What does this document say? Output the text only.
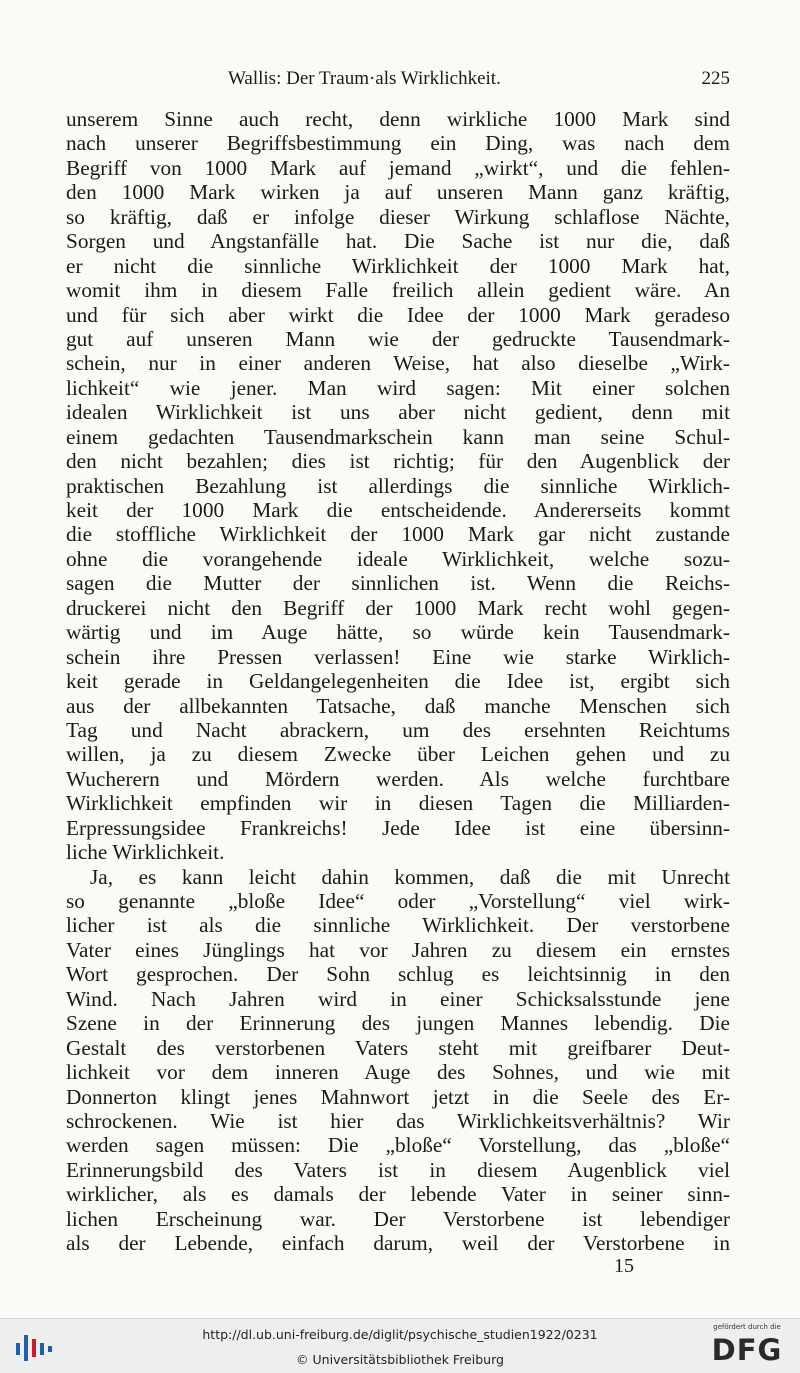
Wallis: Der Traum·als Wirklichkeit.	225
unserem Sinne auch recht, denn wirkliche 1000 Mark sind
nach unserer Begriffsbestimmung ein Ding, was nach dem
Begriff von 1000 Mark auf jemand „wirkt“, und die fehlen-
den 1000 Mark wirken ja auf unseren Mann ganz kräftig,
so kräftig, daß er infolge dieser Wirkung schlaflose Nächte,
Sorgen und Angstanfälle hat. Die Sache ist nur die, daß
er nicht die sinnliche Wirklichkeit der 1000 Mark hat,
womit ihm in diesem Falle freilich allein gedient wäre. An
und für sich aber wirkt die Idee der 1000 Mark geradeso
gut auf unseren Mann wie der gedruckte Tausendmark-
schein, nur in einer anderen Weise, hat also dieselbe „Wirk-
lichkeit“ wie jener. Man wird sagen: Mit einer solchen
idealen Wirklichkeit ist uns aber nicht gedient, denn mit
einem gedachten Tausendmarkschein kann man seine Schul-
den nicht bezahlen; dies ist richtig; für den Augenblick der
praktischen Bezahlung ist allerdings die sinnliche Wirklich-
keit der 1000 Mark die entscheidende. Andererseits kommt
die stoffliche Wirklichkeit der 1000 Mark gar nicht zustande
ohne die vorangehende ideale Wirklichkeit, welche sozu-
sagen die Mutter der sinnlichen ist. Wenn die Reichs-
druckerei nicht den Begriff der 1000 Mark recht wohl gegen-
wärtig und im Auge hätte, so würde kein Tausendmark-
schein ihre Pressen verlassen! Eine wie starke Wirklich-
keit gerade in Geldangelegenheiten die Idee ist, ergibt sich
aus der allbekannten Tatsache, daß manche Menschen sich
Tag und Nacht abrackern, um des ersehnten Reichtums
willen, ja zu diesem Zwecke über Leichen gehen und zu
Wucherern und Mördern werden. Als welche furchtbare
Wirklichkeit empfinden wir in diesen Tagen die Milliarden-
Erpressungsidee Frankreichs! Jede Idee ist eine übersinn-
liche Wirklichkeit.
Ja, es kann leicht dahin kommen, daß die mit Unrecht
so genannte „bloße Idee“ oder „Vorstellung“ viel wirk-
licher ist als die sinnliche Wirklichkeit. Der verstorbene
Vater eines Jünglings hat vor Jahren zu diesem ein ernstes
Wort gesprochen. Der Sohn schlug es leichtsinnig in den
Wind. Nach Jahren wird in einer Schicksalsstunde jene
Szene in der Erinnerung des jungen Mannes lebendig. Die
Gestalt des verstorbenen Vaters steht mit greifbarer Deut-
lichkeit vor dem inneren Auge des Sohnes, und wie mit
Donnerton klingt jenes Mahnwort jetzt in die Seele des Er-
schrockenen. Wie ist hier das Wirklichkeitsverhältnis? Wir
werden sagen müssen: Die „bloße“ Vorstellung, das „bloße“
Erinnerungsbild des Vaters ist in diesem Augenblick viel
wirklicher, als es damals der lebende Vater in seiner sinn-
lichen Erscheinung war. Der Verstorbene ist lebendiger
als der Lebende, einfach darum, weil der Verstorbene in
15
http://dl.ub.uni-freiburg.de/diglit/psychische_studien1922/0231
© Universitätsbibliothek Freiburg
gefördert durch die
DFG
